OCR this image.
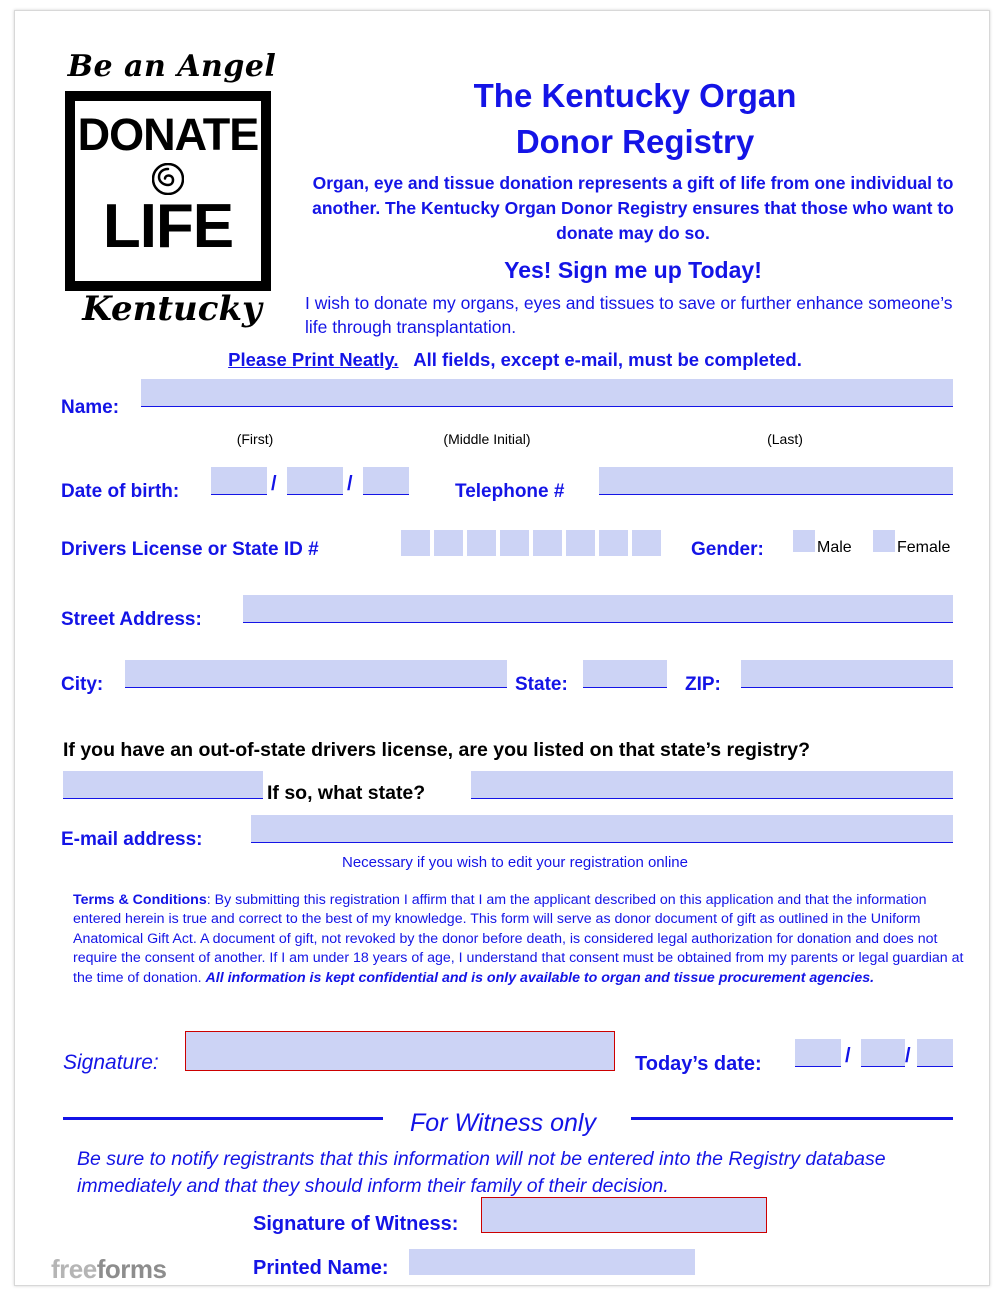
Be an Angel
DONATE
LIFE
Kentucky
The Kentucky Organ
Donor Registry
Organ, eye and tissue donation represents a gift of life from one individual to another. The Kentucky Organ Donor Registry ensures that those who want to donate may do so.
Yes! Sign me up Today!
I wish to donate my organs, eyes and tissues to save or further enhance someone’s life through transplantation.
Please Print Neatly. All fields, except e-mail, must be completed.
Name:
(First)	(Middle Initial)	(Last)
Date of birth:	/	/	Telephone #
Drivers License or State ID #	Gender:	Male	Female
Street Address:
City:	State:	ZIP:
If you have an out-of-state drivers license, are you listed on that state’s registry?
If so, what state?
E-mail address:
Necessary if you wish to edit your registration online
Terms & Conditions: By submitting this registration I affirm that I am the applicant described on this application and that the information entered herein is true and correct to the best of my knowledge. This form will serve as donor document of gift as outlined in the Uniform Anatomical Gift Act. A document of gift, not revoked by the donor before death, is considered legal authorization for donation and does not require the consent of another. If I am under 18 years of age, I understand that consent must be obtained from my parents or legal guardian at the time of donation. All information is kept confidential and is only available to organ and tissue procurement agencies.
Signature:	Today’s date:	/	/
For Witness only
Be sure to notify registrants that this information will not be entered into the Registry database immediately and that they should inform their family of their decision.
Signature of Witness:
Printed Name:
freeforms
